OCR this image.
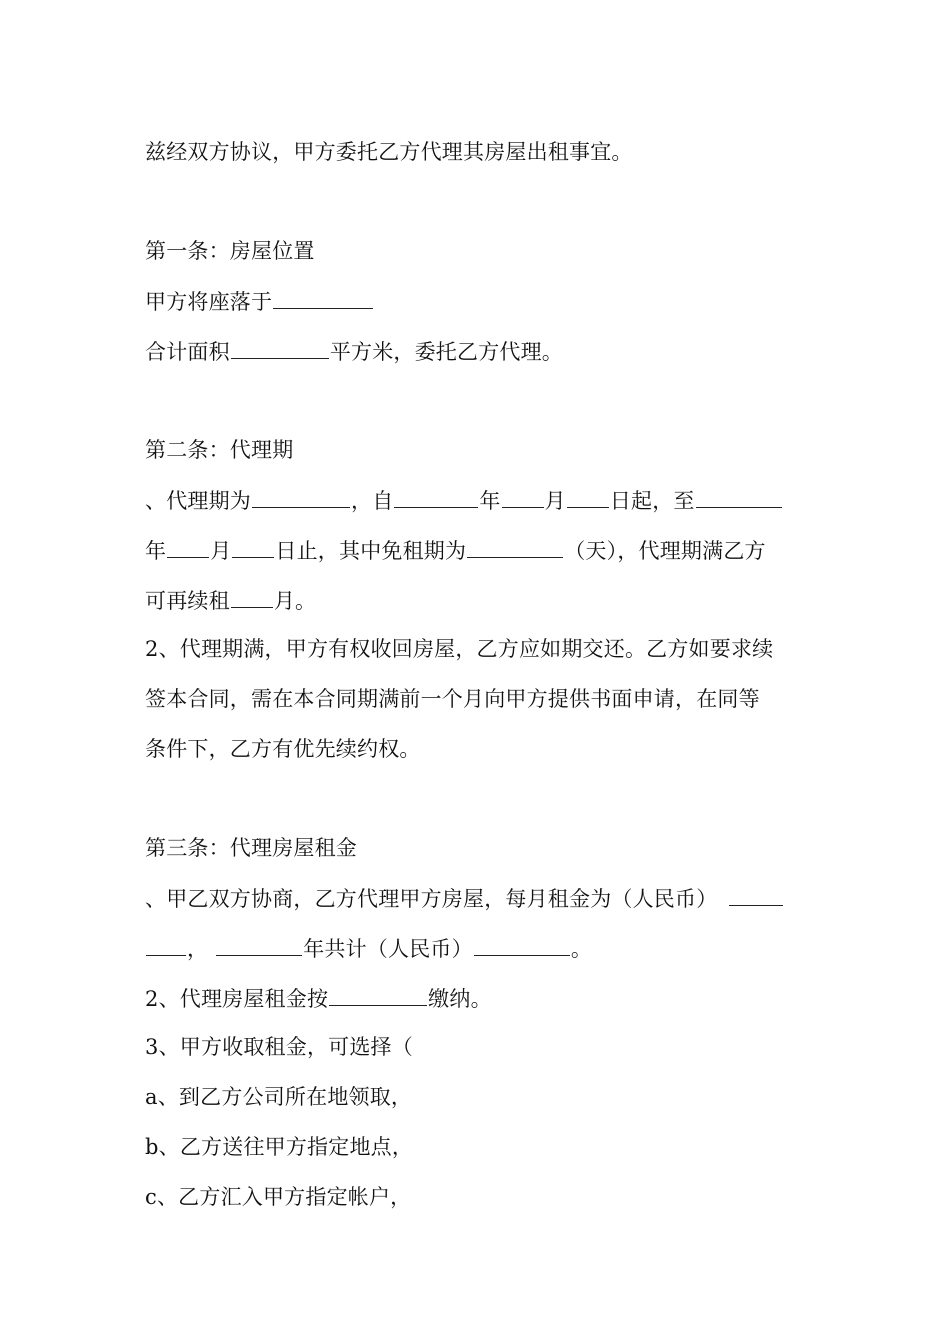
兹经双方协议，甲方委托乙方代理其房屋出租事宜。
第一条：房屋位置
甲方将座落于
合计面积	平方米，委托乙方代理。
第二条：代理期
、代理期为	，自	年 月 日起，至
年 月 日止，其中免租期为	（天），代理期满乙方
可再续租 月。
2、代理期满，甲方有权收回房屋，乙方应如期交还。乙方如要求续
签本合同，需在本合同期满前一个月向甲方提供书面申请，在同等
条件下，乙方有优先续约权。
第三条：代理房屋租金
、甲乙双方协商，乙方代理甲方房屋，每月租金为（人民币）
，	年共计（人民币）	。
2、代理房屋租金按	缴纳。
3、甲方收取租金，可选择（
a、到乙方公司所在地领取，
b、乙方送往甲方指定地点，
c、乙方汇入甲方指定帐户，
